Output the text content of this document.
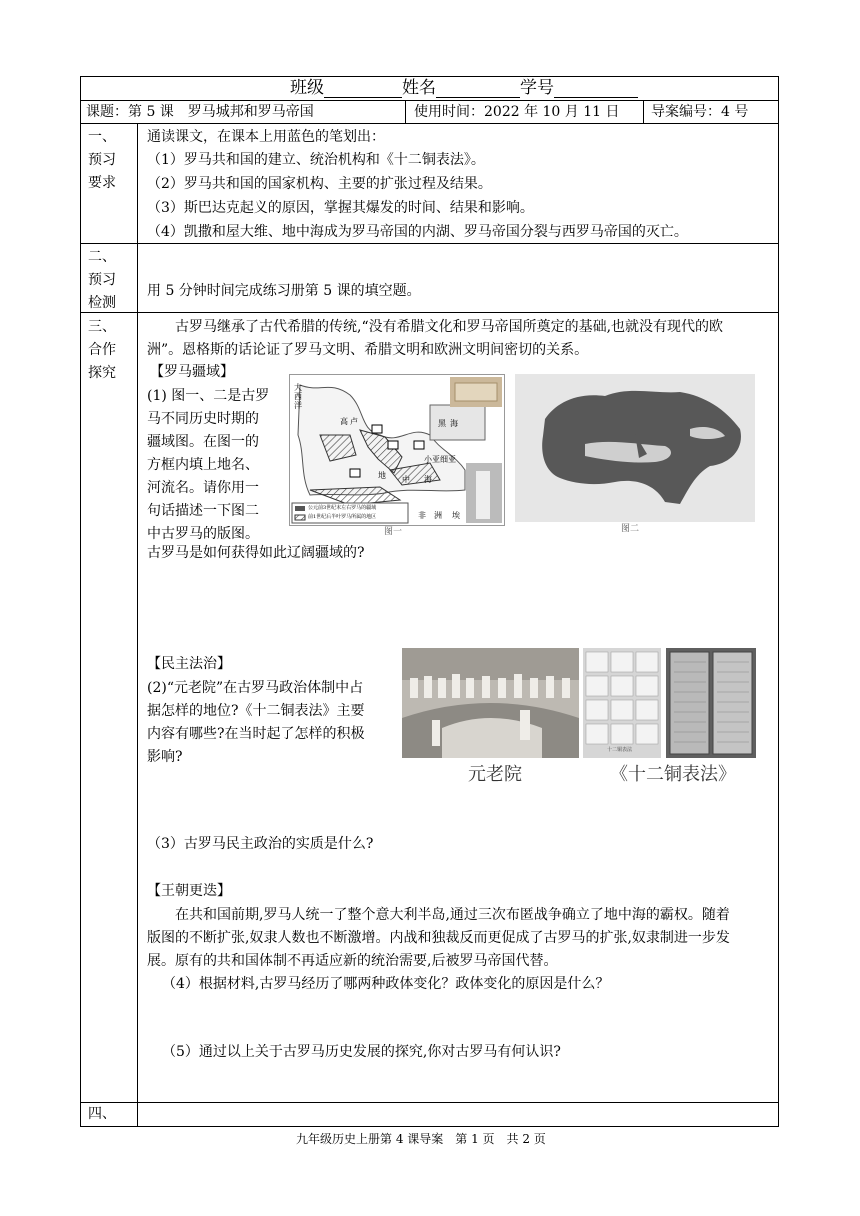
班级	姓名	学号
课题：第 5 课　罗马城邦和罗马帝国	使用时间：2022 年 10 月 11 日 导案编号：4 号
一、
预习
要求
通读课文，在课本上用蓝色的笔划出：
（1）罗马共和国的建立、统治机构和《十二铜表法》。
（2）罗马共和国的国家机构、主要的扩张过程及结果。
（3）斯巴达克起义的原因，掌握其爆发的时间、结果和影响。
（4）凯撒和屋大维、地中海成为罗马帝国的内湖、罗马帝国分裂与西罗马帝国的灭亡。
二、
预习
检测
用 5 分钟时间完成练习册第 5 课的填空题。
三、
合作
探究
古罗马继承了古代希腊的传统,“没有希腊文化和罗马帝国所奠定的基础,也就没有现代的欧
洲”。恩格斯的话论证了罗马文明、希腊文明和欧洲文明间密切的关系。
【罗马疆域】
(1) 图一、二是古罗
马不同历史时期的
疆域图。在图一的
方框内填上地名、
河流名。请你用一
句话描述一下图二
中古罗马的版图。
古罗马是如何获得如此辽阔疆域的?
大
西
洋
高 卢	黑 海
小亚细亚
地 中 海
非　洲 埃
公元前3世纪末左右罗马的疆域
前1世纪后半叶罗马所属的地区
图一	图二
【民主法治】
(2)“元老院”在古罗马政治体制中占
据怎样的地位?《十二铜表法》主要
内容有哪些?在当时起了怎样的积极
影响?
元老院
十二铜表法
《十二铜表法》
（3）古罗马民主政治的实质是什么?
【王朝更迭】
在共和国前期,罗马人统一了整个意大利半岛,通过三次布匿战争确立了地中海的霸权。随着
版图的不断扩张,奴隶人数也不断激增。内战和独裁反而更促成了古罗马的扩张,奴隶制进一步发
展。原有的共和国体制不再适应新的统治需要,后被罗马帝国代替。
（4）根据材料,古罗马经历了哪两种政体变化？政体变化的原因是什么？
（5）通过以上关于古罗马历史发展的探究,你对古罗马有何认识?
四、
九年级历史上册第 4 课导案　第 1 页　共 2 页
